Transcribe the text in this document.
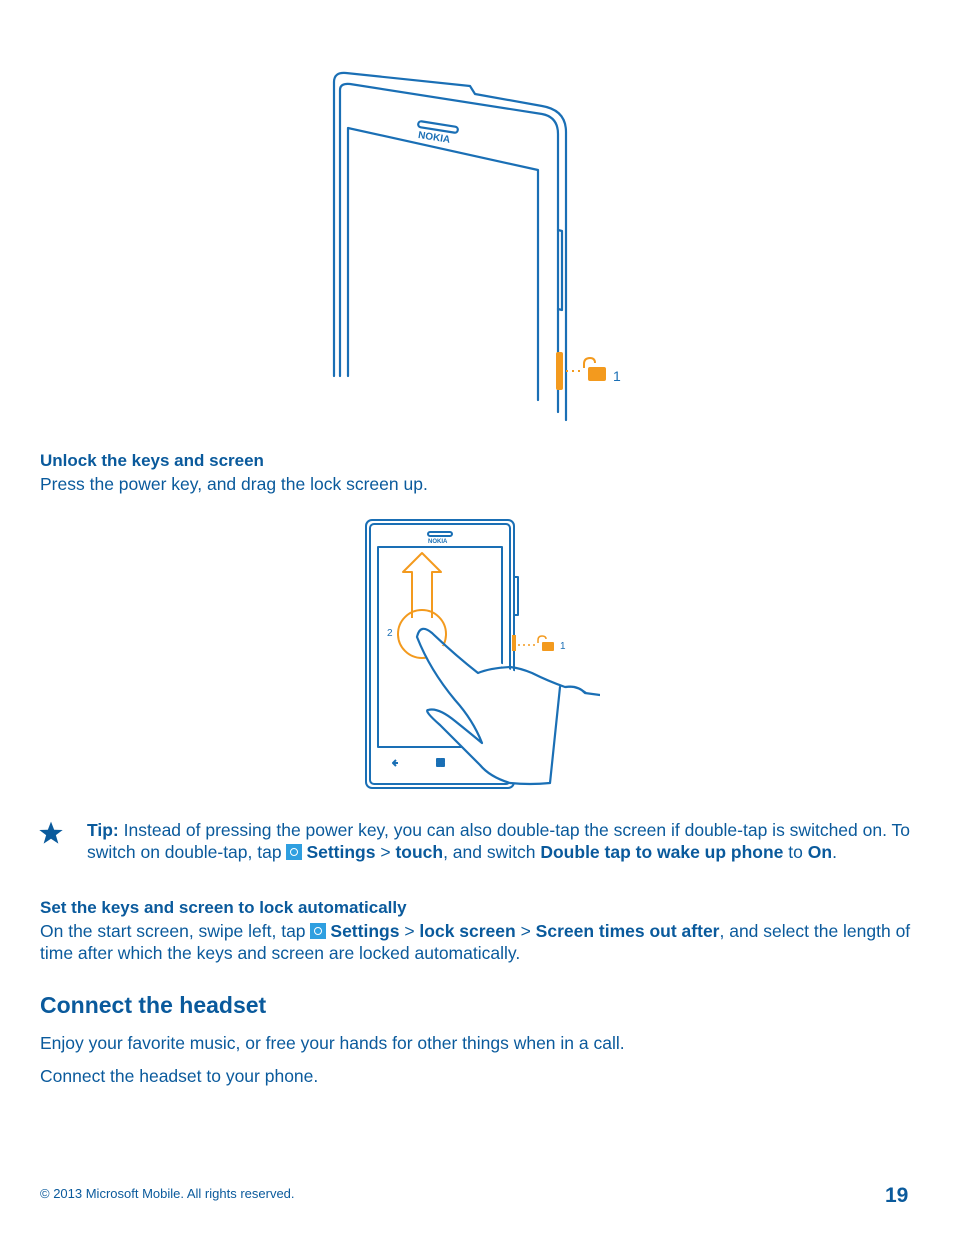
NOKIA
1
Unlock the keys and screen
Press the power key, and drag the lock screen up.
NOKIA
2
1
Tip: Instead of pressing the power key, you can also double-tap the screen if double-tap is switched on. To switch on double-tap, tap Settings > touch, and switch Double tap to wake up phone to On.
Set the keys and screen to lock automatically
On the start screen, swipe left, tap Settings > lock screen > Screen times out after, and select the length of time after which the keys and screen are locked automatically.
Connect the headset
Enjoy your favorite music, or free your hands for other things when in a call.
Connect the headset to your phone.
© 2013 Microsoft Mobile. All rights reserved.	19
